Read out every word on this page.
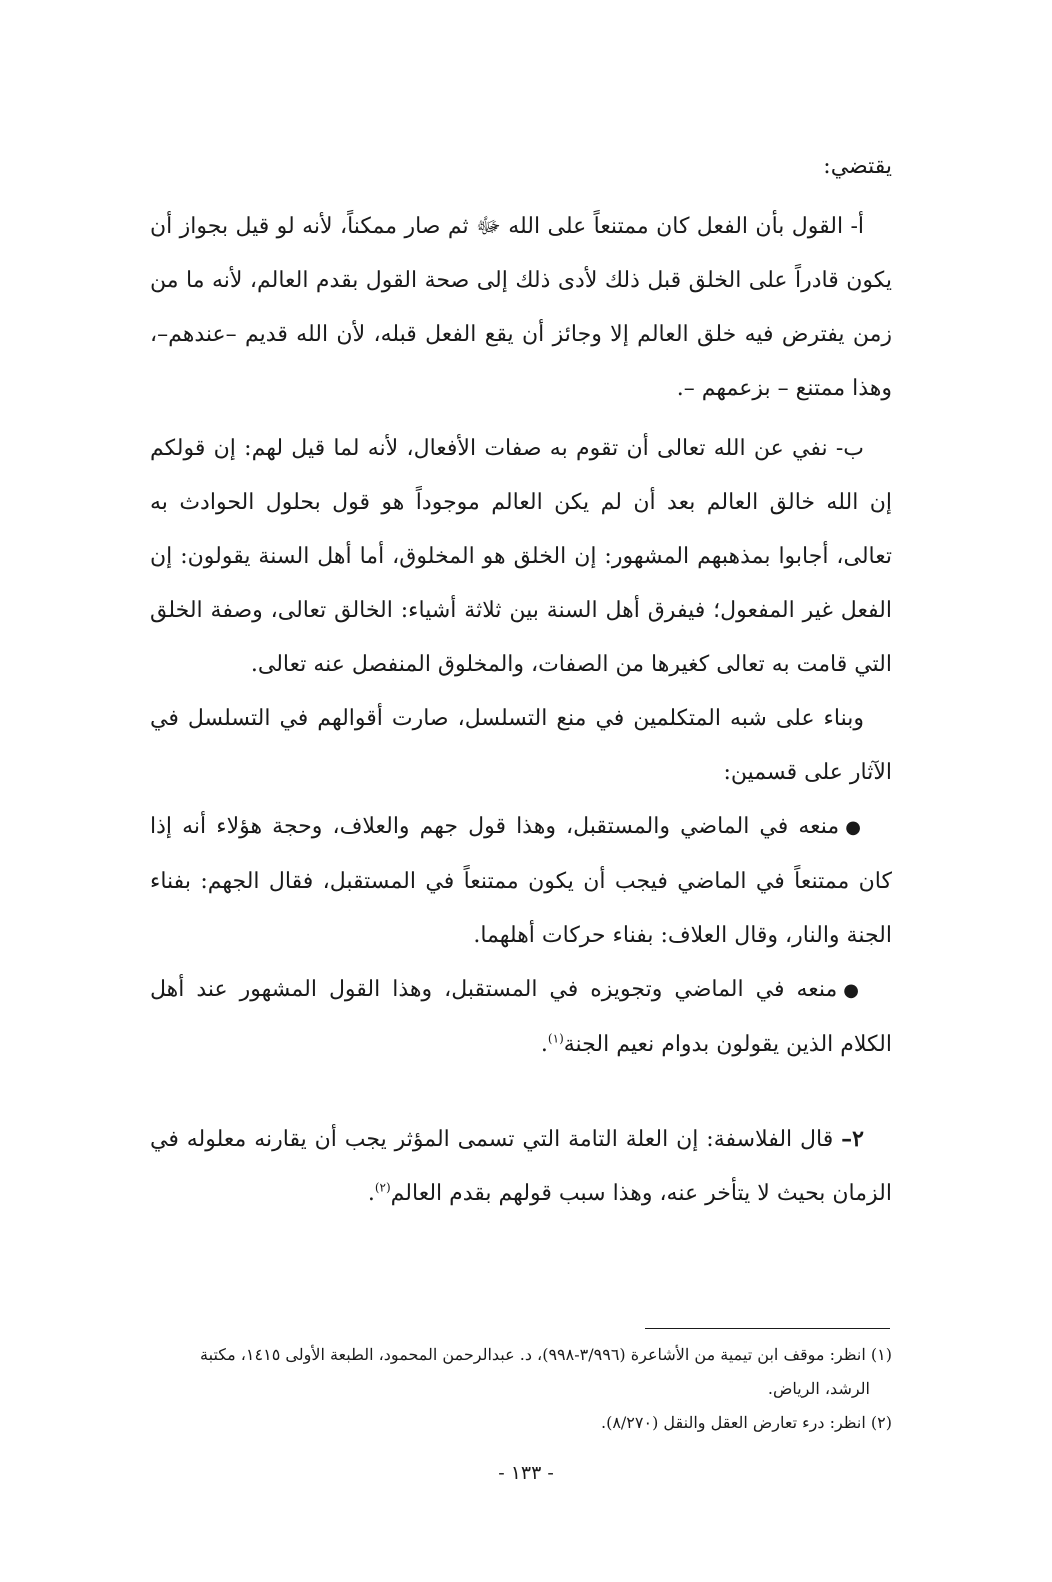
يقتضي:

أ- القول بأن الفعل كان ممتنعاً على الله ﷻ ثم صار ممكناً، لأنه لو قيل بجواز أن يكون قادراً على الخلق قبل ذلك لأدى ذلك إلى صحة القول بقدم العالم، لأنه ما من زمن يفترض فيه خلق العالم إلا وجائز أن يقع الفعل قبله، لأن الله قديم –عندهم–، وهذا ممتنع – بزعمهم –.

ب- نفي عن الله تعالى أن تقوم به صفات الأفعال، لأنه لما قيل لهم: إن قولكم إن الله خالق العالم بعد أن لم يكن العالم موجوداً هو قول بحلول الحوادث به تعالى، أجابوا بمذهبهم المشهور: إن الخلق هو المخلوق، أما أهل السنة يقولون: إن الفعل غير المفعول؛ فيفرق أهل السنة بين ثلاثة أشياء: الخالق تعالى، وصفة الخلق التي قامت به تعالى كغيرها من الصفات، والمخلوق المنفصل عنه تعالى.

وبناء على شبه المتكلمين في منع التسلسل، صارت أقوالهم في التسلسل في الآثار على قسمين:

●منعه في الماضي والمستقبل، وهذا قول جهم والعلاف، وحجة هؤلاء أنه إذا كان ممتنعاً في الماضي فيجب أن يكون ممتنعاً في المستقبل، فقال الجهم: بفناء الجنة والنار، وقال العلاف: بفناء حركات أهلهما.

●منعه في الماضي وتجويزه في المستقبل، وهذا القول المشهور عند أهل الكلام الذين يقولون بدوام نعيم الجنة$^{(١)}$.

٢– قال الفلاسفة: إن العلة التامة التي تسمى المؤثر يجب أن يقارنه معلوله في الزمان بحيث لا يتأخر عنه، وهذا سبب قولهم بقدم العالم$^{(٢)}$.

(١) انظر: موقف ابن تيمية من الأشاعرة (٣/٩٩٦-٩٩٨)، د. عبدالرحمن المحمود، الطبعة الأولى ١٤١٥، مكتبة

الرشد، الرياض.

(٢) انظر: درء تعارض العقل والنقل (٨/٢٧٠).

- ١٣٣ -
